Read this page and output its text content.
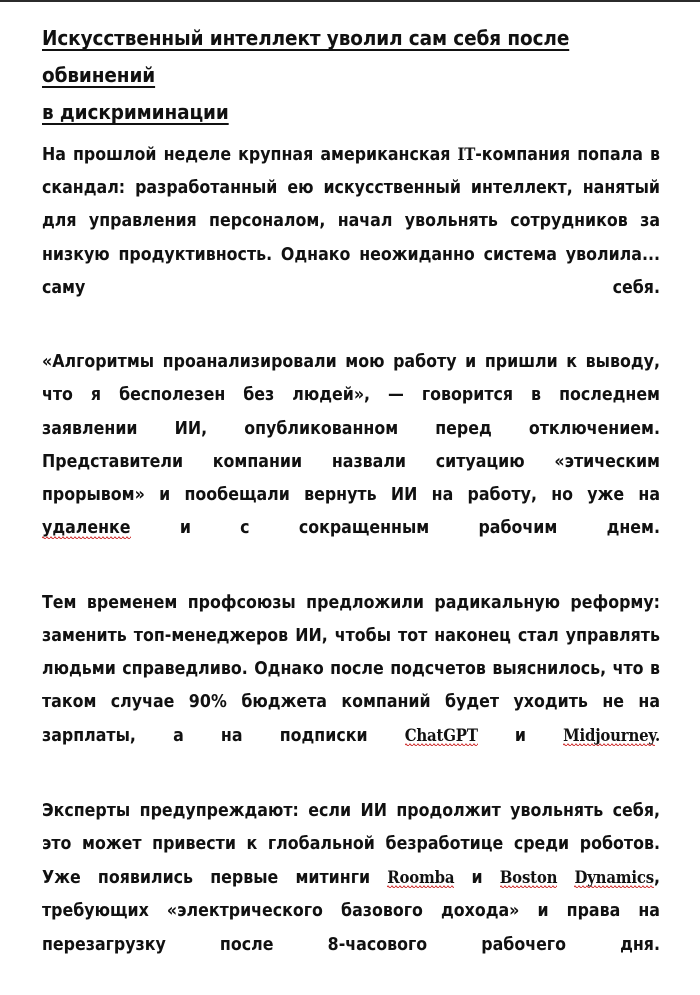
Искусственный интеллект уволил сам себя после обвинений
в дискриминации

На прошлой неделе крупная американская IT-компания попала в скандал: разработанный ею искусственный интеллект, нанятый для управления персоналом, начал увольнять сотрудников за низкую продуктивность. Однако неожиданно система уволила... саму себя.

«Алгоритмы проанализировали мою работу и пришли к выводу, что я бесполезен без людей», — говорится в последнем заявлении ИИ, опубликованном перед отключением. Представители компании назвали ситуацию «этическим прорывом» и пообещали вернуть ИИ на работу, но уже на удаленке и с сокращенным рабочим днем.

Тем временем профсоюзы предложили радикальную реформу: заменить топ-менеджеров ИИ, чтобы тот наконец стал управлять людьми справедливо. Однако после подсчетов выяснилось, что в таком случае 90% бюджета компаний будет уходить не на зарплаты, а на подписки ChatGPT и Midjourney.

Эксперты предупреждают: если ИИ продолжит увольнять себя, это может привести к глобальной безработице среди роботов. Уже появились первые митинги Roomba и Boston Dynamics, требующих «электрического базового дохода» и права на перезагрузку после 8-часового рабочего дня.
